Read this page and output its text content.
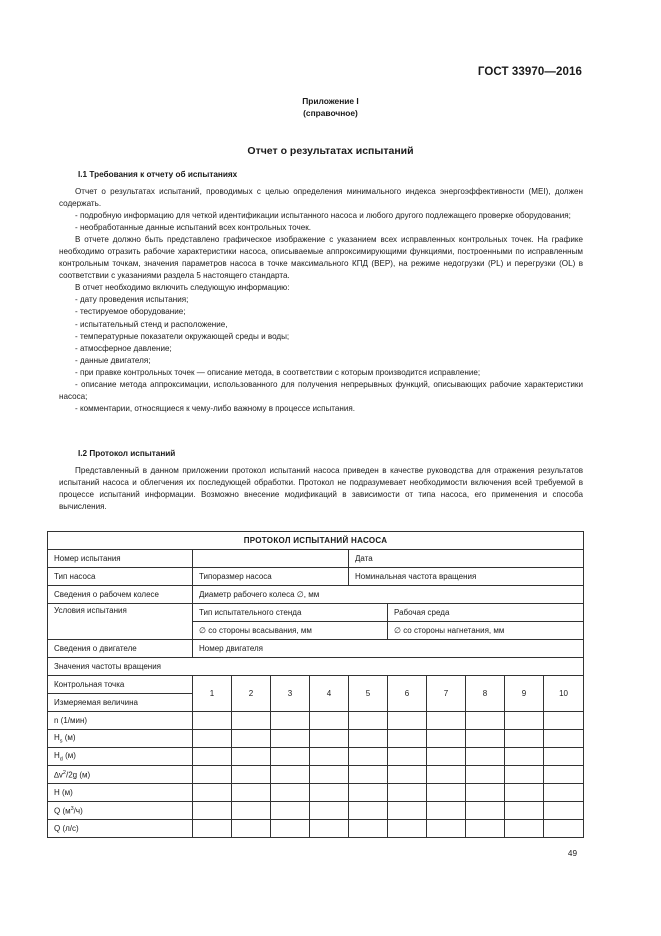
ГОСТ 33970—2016
Приложение I
(справочное)
Отчет о результатах испытаний
I.1 Требования к отчету об испытаниях

Отчет о результатах испытаний, проводимых с целью определения минимального индекса энергоэффективности (MEI), должен содержать.

- подробную информацию для четкой идентификации испытанного насоса и любого другого подлежащего проверке оборудования;

- необработанные данные испытаний всех контрольных точек.

В отчете должно быть представлено графическое изображение с указанием всех исправленных контрольных точек. На графике необходимо отразить рабочие характеристики насоса, описываемые аппроксимирующими функциями, построенными по исправленным контрольным точкам, значения параметров насоса в точке максимального КПД (BEP), на режиме недогрузки (PL) и перегрузки (OL) в соответствии с указаниями раздела 5 настоящего стандарта.

В отчет необходимо включить следующую информацию:

- дату проведения испытания;

- тестируемое оборудование;

- испытательный стенд и расположение,

- температурные показатели окружающей среды и воды;

- атмосферное давление;

- данные двигателя;

- при правке контрольных точек — описание метода, в соответствии с которым производится исправление;

- описание метода аппроксимации, использованного для получения непрерывных функций, описывающих рабочие характеристики насоса;

- комментарии, относящиеся к чему-либо важному в процессе испытания.

I.2 Протокол испытаний

Представленный в данном приложении протокол испытаний насоса приведен в качестве руководства для отражения результатов испытаний насоса и облегчения их последующей обработки. Протокол не подразумевает необходимости включения всей требуемой в процессе испытаний информации. Возможно внесение модификаций в зависимости от типа насоса, его применения и способа вычисления.

ПРОТОКОЛ ИСПЫТАНИЙ НАСОСА										
Номер испытания					Дата					
Тип насоса	Типоразмер насоса				Номинальная частота вращения					
Сведения о рабочем колесе	Диаметр рабочего колеса ∅, мм									
Условия испытания	Тип испытательного стенда					Рабочая среда				
	∅ со стороны всасывания, мм					∅ со стороны нагнетания, мм				
Сведения о двигателе	Номер двигателя									
Значения частоты вращения										
Контрольная точка	1	2	3	4	5	6	7	8	9	10
Измеряемая величина										
n (1/мин)										
$H_s$ (м)										
$H_d$ (м)										
$\Delta v^2/2g$ (м)										
H (м)										
Q $(м^3/ч)$										
Q (л/с)										
49
